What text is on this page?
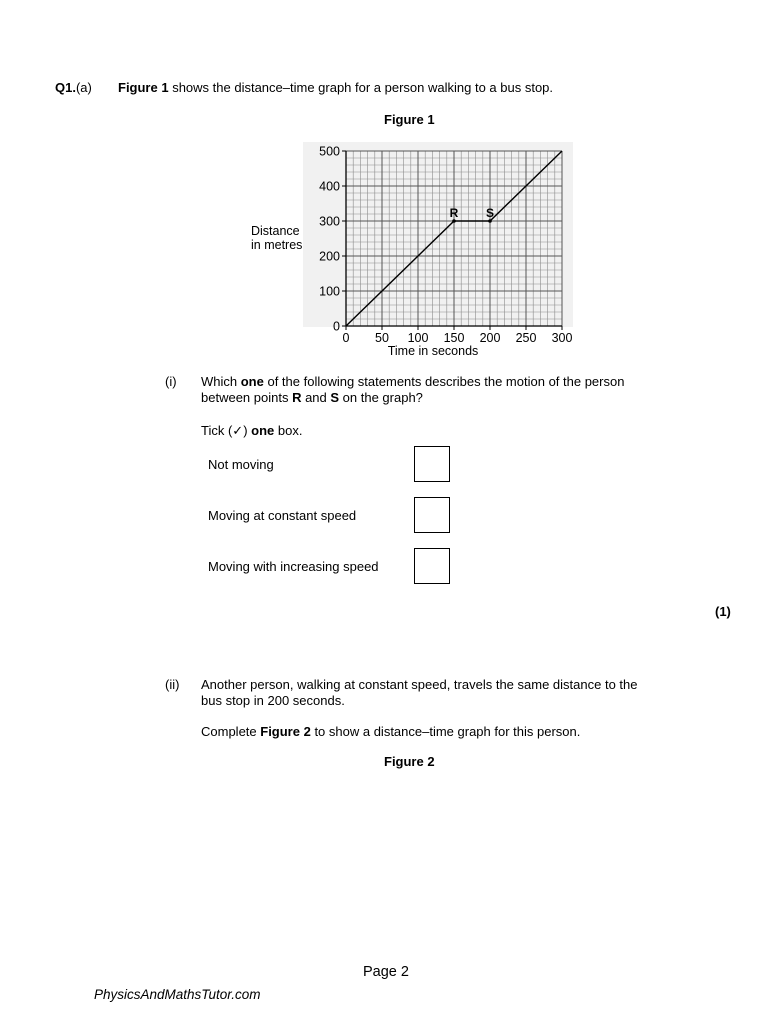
Q1.(a) Figure 1 shows the distance–time graph for a person walking to a bus stop.
Figure 1
0
100
200
300
400
500
0 50 100 150 200 250 300
R S
Distance
in metres
Time in seconds
(i) Which one of the following statements describes the motion of the person
between points R and S on the graph?
Tick (✓) one box.
Not moving
Moving at constant speed
Moving with increasing speed
(1)
(ii) Another person, walking at constant speed, travels the same distance to the
bus stop in 200 seconds.
Complete Figure 2 to show a distance–time graph for this person.
Figure 2
Page 2
PhysicsAndMathsTutor.com
